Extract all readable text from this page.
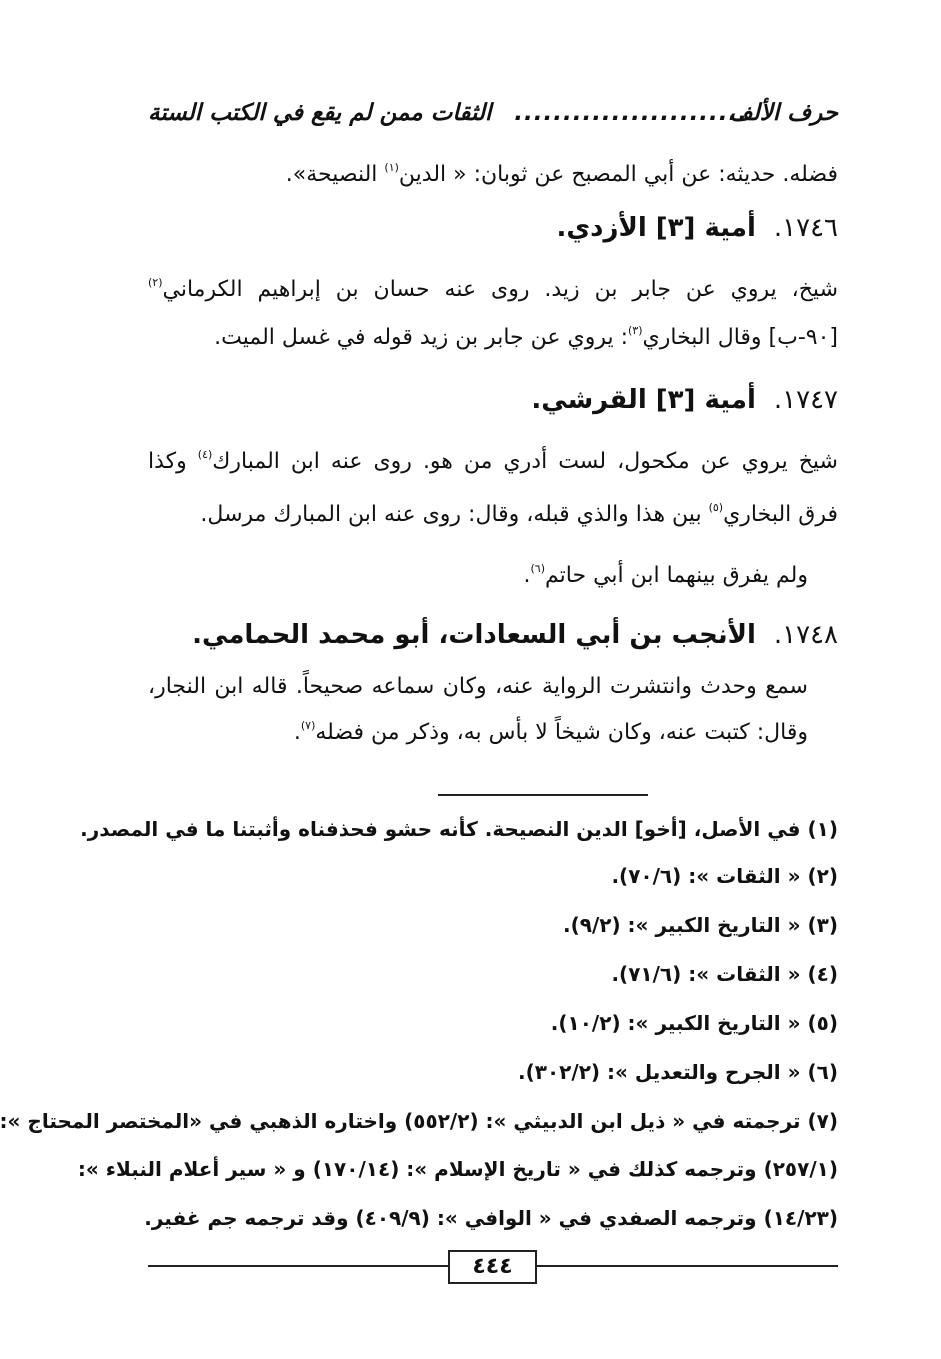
حرف الألف
........................
الثقات ممن لم يقع في الكتب الستة
فضله. حديثه: عن أبي المصبح عن ثوبان: « الدين$^{(١)}$ النصيحة».
١٧٤٦.أمية [٣] الأزدي.
شيخ، يروي عن جابر بن زيد. روى عنه حسان بن إبراهيم الكرماني$^{(٢)}$
[٩٠-ب] وقال البخاري$^{(٣)}$: يروي عن جابر بن زيد قوله في غسل الميت.
١٧٤٧.أمية [٣] القرشي.
شيخ يروي عن مكحول، لست أدري من هو. روى عنه ابن المبارك$^{(٤)}$ وكذا
فرق البخاري$^{(٥)}$ بين هذا والذي قبله، وقال: روى عنه ابن المبارك مرسل.
ولم يفرق بينهما ابن أبي حاتم$^{(٦)}$.
١٧٤٨.الأنجب بن أبي السعادات، أبو محمد الحمامي.
سمع وحدث وانتشرت الرواية عنه، وكان سماعه صحيحاً. قاله ابن النجار،
وقال: كتبت عنه، وكان شيخاً لا بأس به، وذكر من فضله$^{(٧)}$.
(١) في الأصل، [أخو] الدين النصيحة. كأنه حشو فحذفناه وأثبتنا ما في المصدر.
(٢) « الثقات »: (٧٠/٦).
(٣) « التاريخ الكبير »: (٩/٢).
(٤) « الثقات »: (٧١/٦).
(٥) « التاريخ الكبير »: (١٠/٢).
(٦) « الجرح والتعديل »: (٣٠٢/٢).
(٧) ترجمته في « ذيل ابن الدبيثي »: (٥٥٢/٢) واختاره الذهبي في «المختصر المحتاج »:
(٢٥٧/١) وترجمه كذلك في « تاريخ الإسلام »: (١٧٠/١٤) و « سير أعلام النبلاء »:
(١٤/٢٣) وترجمه الصفدي في « الوافي »: (٤٠٩/٩) وقد ترجمه جم غفير.
٤٤٤
